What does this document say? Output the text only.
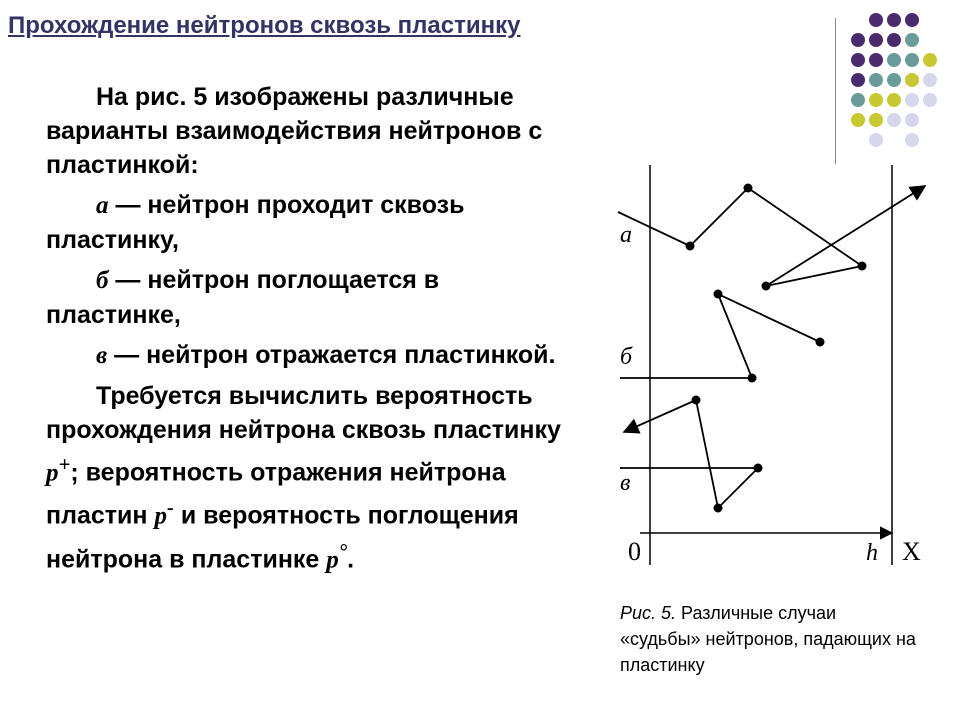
Прохождение нейтронов сквозь пластинку

На рис. 5 изображены различные варианты взаимодействия нейтронов с пластинкой:

а — нейтрон проходит сквозь пластинку,

б — нейтрон поглощается в пластинке,

в — нейтрон отражается пластинкой.

Требуется вычислить вероятность прохождения нейтрона сквозь пластинку p+; вероятность отражения нейтрона пластин p- и вероятность поглощения нейтрона в пластинке p°.

а
б
в
h
0	X
Рис. 5. Различные случаи «судьбы» нейтронов, падающих на пластинку
